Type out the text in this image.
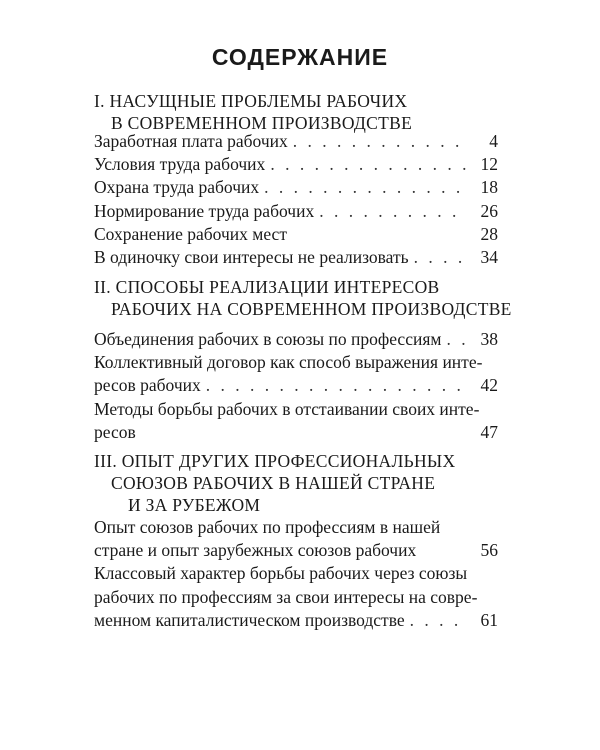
СОДЕРЖАНИЕ
I. НАСУЩНЫЕ ПРОБЛЕМЫ РАБОЧИХ
В СОВРЕМЕННОМ ПРОИЗВОДСТВЕ
Заработная плата рабочих . . .	4
Условия труда рабочих . . .	12
Охрана труда рабочих . . .	18
Нормирование труда рабочих . . .	26
Сохранение рабочих мест	28
В одиночку свои интересы не реализовать . . .	34
II. СПОСОБЫ РЕАЛИЗАЦИИ ИНТЕРЕСОВ
РАБОЧИХ НА СОВРЕМЕННОМ ПРОИЗВОДСТВЕ
Объединения рабочих в союзы по профессиям . . .	38
Коллективный договор как способ выражения инте-
ресов рабочих . . .	42
Методы борьбы рабочих в отстаивании своих инте-
ресов	47
III. ОПЫТ ДРУГИХ ПРОФЕССИОНАЛЬНЫХ
СОЮЗОВ РАБОЧИХ В НАШЕЙ СТРАНЕ
И ЗА РУБЕЖОМ
Опыт союзов рабочих по профессиям в нашей
стране и опыт зарубежных союзов рабочих	56
Классовый характер борьбы рабочих через союзы
рабочих по профессиям за свои интересы на совре-
менном капиталистическом производстве . . .	61
